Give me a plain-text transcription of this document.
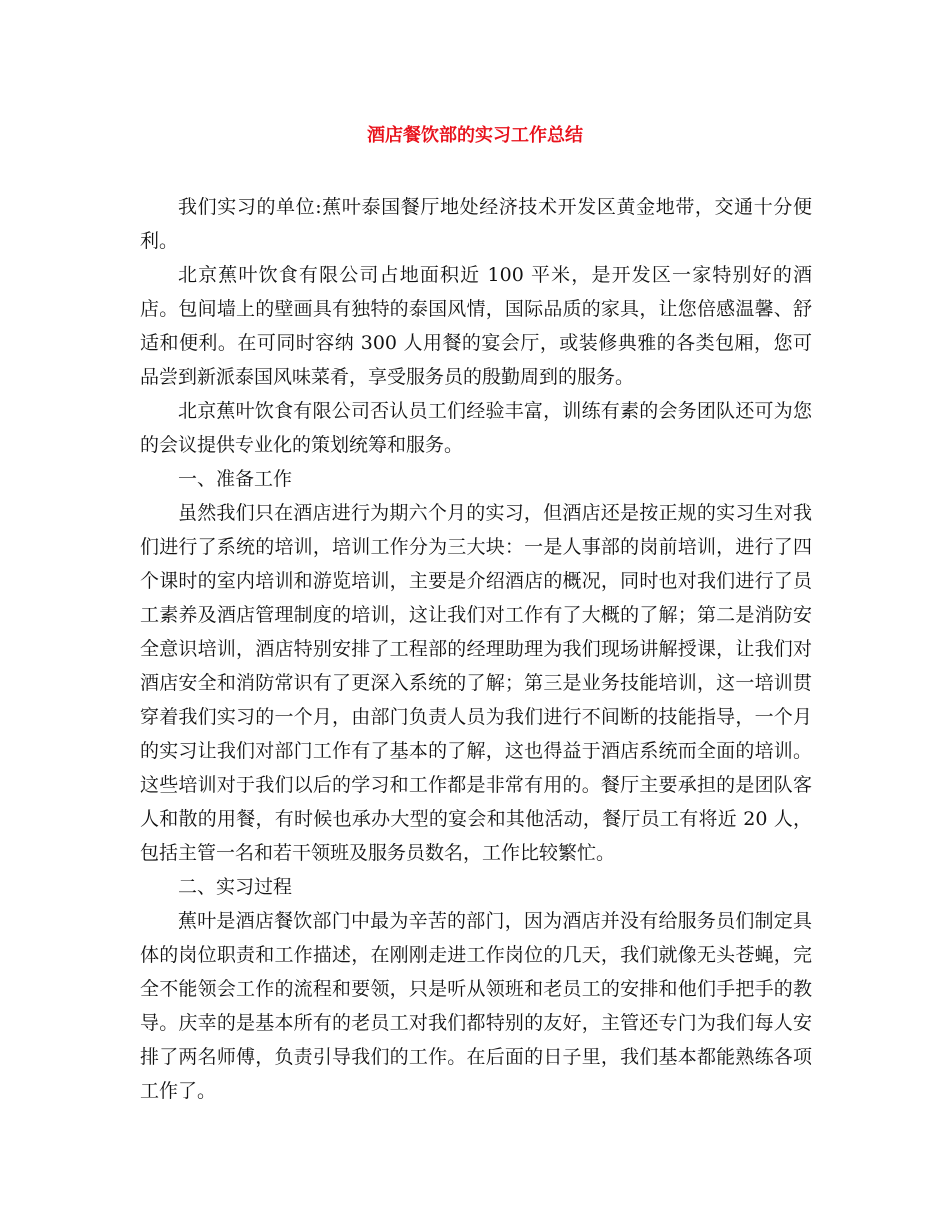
酒店餐饮部的实习工作总结

我们实习的单位:蕉叶泰国餐厅地处经济技术开发区黄金地带，交通十分便利。

北京蕉叶饮食有限公司占地面积近 100 平米，是开发区一家特别好的酒店。包间墙上的壁画具有独特的泰国风情，国际品质的家具，让您倍感温馨、舒适和便利。在可同时容纳 300 人用餐的宴会厅，或装修典雅的各类包厢，您可品尝到新派泰国风味菜肴，享受服务员的殷勤周到的服务。

北京蕉叶饮食有限公司否认员工们经验丰富，训练有素的会务团队还可为您的会议提供专业化的策划统筹和服务。

一、准备工作

虽然我们只在酒店进行为期六个月的实习，但酒店还是按正规的实习生对我们进行了系统的培训，培训工作分为三大块：一是人事部的岗前培训，进行了四个课时的室内培训和游览培训，主要是介绍酒店的概况，同时也对我们进行了员工素养及酒店管理制度的培训，这让我们对工作有了大概的了解；第二是消防安全意识培训，酒店特别安排了工程部的经理助理为我们现场讲解授课，让我们对酒店安全和消防常识有了更深入系统的了解；第三是业务技能培训，这一培训贯穿着我们实习的一个月，由部门负责人员为我们进行不间断的技能指导，一个月的实习让我们对部门工作有了基本的了解，这也得益于酒店系统而全面的培训。这些培训对于我们以后的学习和工作都是非常有用的。餐厅主要承担的是团队客人和散的用餐，有时候也承办大型的宴会和其他活动，餐厅员工有将近 20 人，包括主管一名和若干领班及服务员数名，工作比较繁忙。

二、实习过程

蕉叶是酒店餐饮部门中最为辛苦的部门，因为酒店并没有给服务员们制定具体的岗位职责和工作描述，在刚刚走进工作岗位的几天，我们就像无头苍蝇，完全不能领会工作的流程和要领，只是听从领班和老员工的安排和他们手把手的教导。庆幸的是基本所有的老员工对我们都特别的友好，主管还专门为我们每人安排了两名师傅，负责引导我们的工作。在后面的日子里，我们基本都能熟练各项工作了。
